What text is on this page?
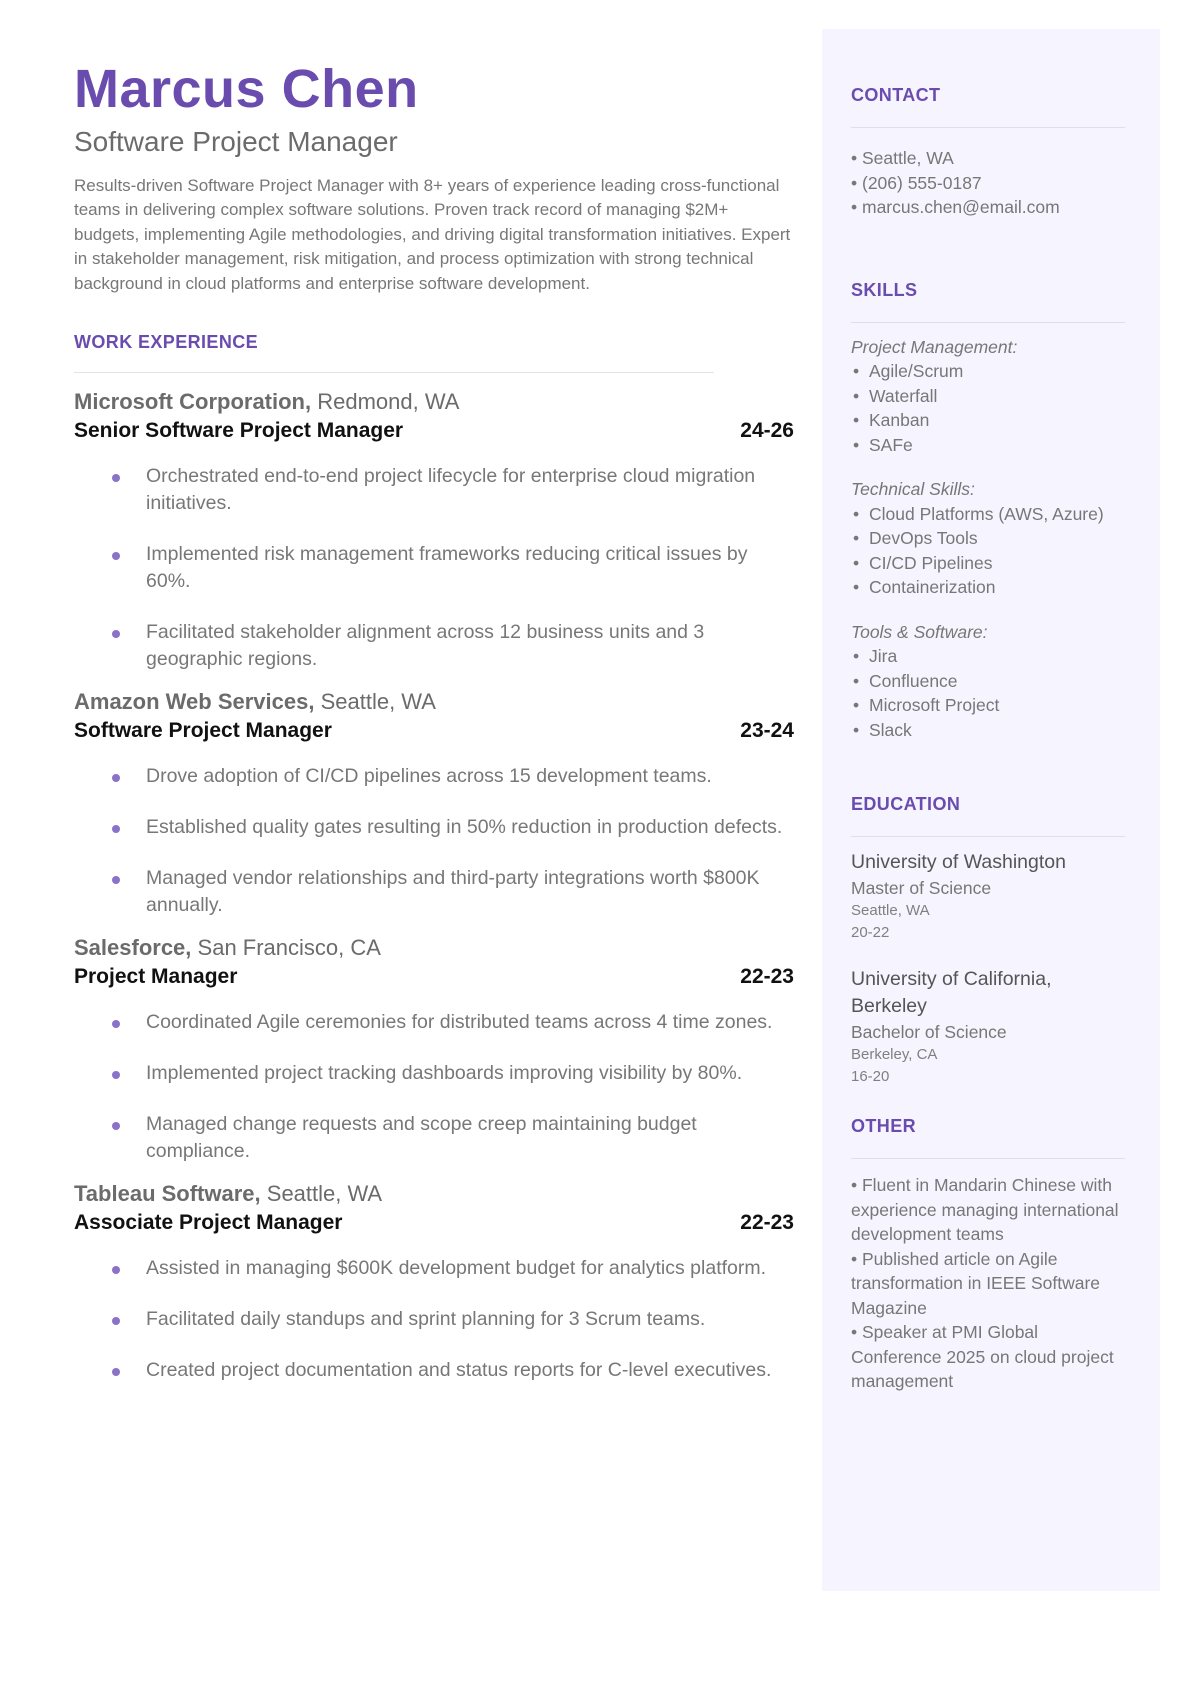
Marcus Chen
Software Project Manager

Results-driven Software Project Manager with 8+ years of experience leading cross-functional teams in delivering complex software solutions. Proven track record of managing $2M+ budgets, implementing Agile methodologies, and driving digital transformation initiatives. Expert in stakeholder management, risk mitigation, and process optimization with strong technical background in cloud platforms and enterprise software development.

WORK EXPERIENCE
Microsoft Corporation, Redmond, WA
Senior Software Project Manager	24-26
Orchestrated end-to-end project lifecycle for enterprise cloud migration initiatives.
Implemented risk management frameworks reducing critical issues by 60%.
Facilitated stakeholder alignment across 12 business units and 3 geographic regions.
Amazon Web Services, Seattle, WA
Software Project Manager	23-24
Drove adoption of CI/CD pipelines across 15 development teams.
Established quality gates resulting in 50% reduction in production defects.
Managed vendor relationships and third-party integrations worth $800K annually.
Salesforce, San Francisco, CA
Project Manager	22-23
Coordinated Agile ceremonies for distributed teams across 4 time zones.
Implemented project tracking dashboards improving visibility by 80%.
Managed change requests and scope creep maintaining budget compliance.
Tableau Software, Seattle, WA
Associate Project Manager	22-23
Assisted in managing $600K development budget for analytics platform.
Facilitated daily standups and sprint planning for 3 Scrum teams.
Created project documentation and status reports for C-level executives.
CONTACT
• Seattle, WA
• (206) 555-0187
• marcus.chen@email.com
SKILLS
Project Management:
• Agile/Scrum
• Waterfall
• Kanban
• SAFe
Technical Skills:
• Cloud Platforms (AWS, Azure)
• DevOps Tools
• CI/CD Pipelines
• Containerization
Tools & Software:
• Jira
• Confluence
• Microsoft Project
• Slack
EDUCATION
University of Washington
Master of Science
Seattle, WA
20-22
University of California, Berkeley
Bachelor of Science
Berkeley, CA
16-20
OTHER
• Fluent in Mandarin Chinese with experience managing international development teams
• Published article on Agile transformation in IEEE Software Magazine
• Speaker at PMI Global Conference 2025 on cloud project management
